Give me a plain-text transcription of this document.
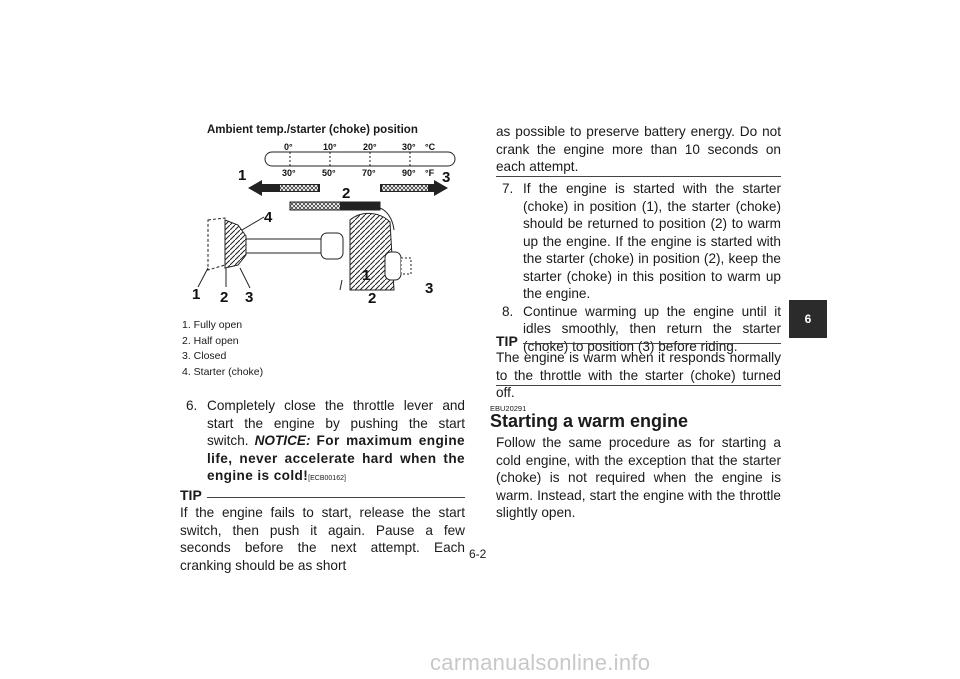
Ambient temp./starter (choke) position
0°	10°	20°	30° °C
30°	50°	70°	90° °F
1
2
3
4
1 2 3
1
2
3
1. Fully open
2. Half open
3. Closed
4. Starter (choke)
6. Completely close the throttle lever and start the engine by pushing the start switch. NOTICE: For maximum engine life, never accelerate hard when the engine is cold![ECB00162]
TIP
If the engine fails to start, release the start switch, then push it again. Pause a few seconds before the next attempt. Each cranking should be as short
as possible to preserve battery energy. Do not crank the engine more than 10 seconds on each attempt.
7. If the engine is started with the starter (choke) in position (1), the starter (choke) should be returned to position (2) to warm up the engine. If the engine is started with the starter (choke) in position (2), keep the starter (choke) in this position to warm up the engine.
8. Continue warming up the engine until it idles smoothly, then return the starter (choke) to position (3) before riding.
TIP
The engine is warm when it responds normally to the throttle with the starter (choke) turned off.
EBU20291
Starting a warm engine
Follow the same procedure as for starting a cold engine, with the exception that the starter (choke) is not required when the engine is warm. Instead, start the engine with the throttle slightly open.
6-2
6
carmanualsonline.info
